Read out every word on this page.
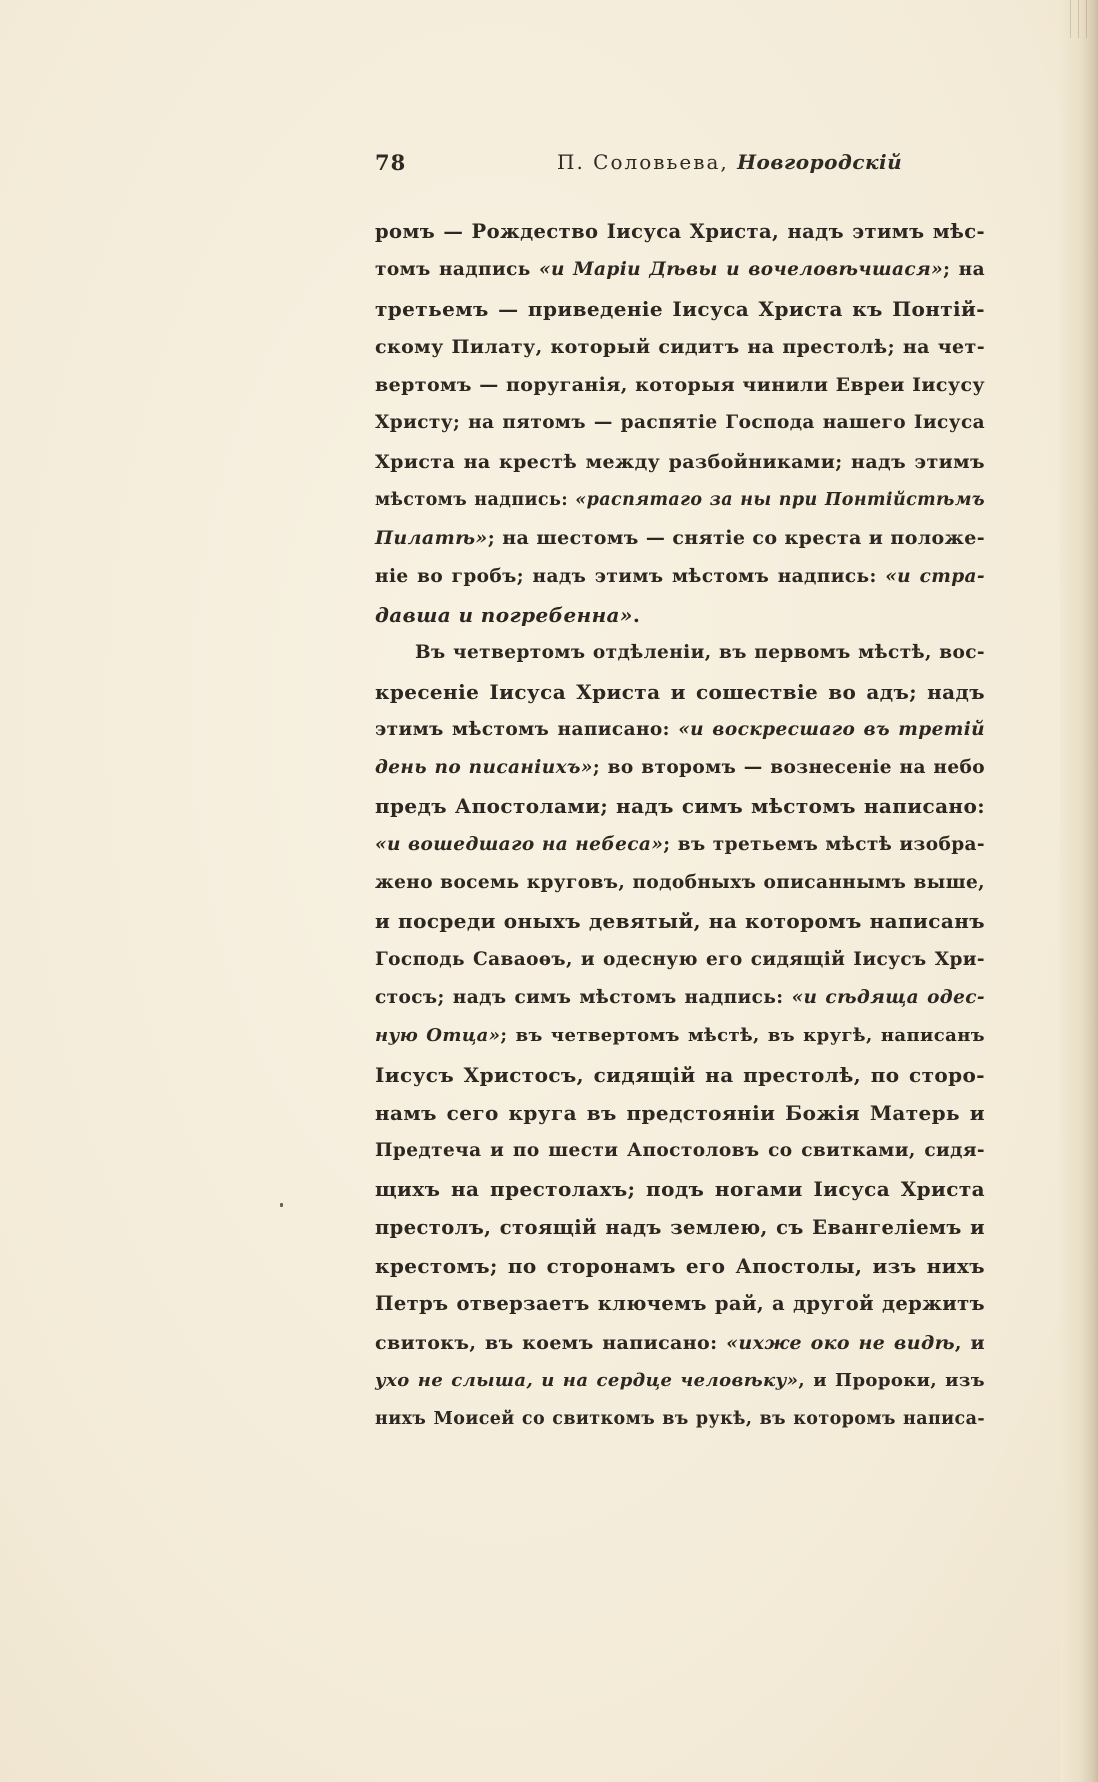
78	П. Соловьева, Новгородскій
ромъ — Рождество Іисуса Христа, надъ этимъ мѣс-
томъ надпись «и Маріи Дѣвы и вочеловѣчшася»; на
третьемъ — приведеніе Іисуса Христа къ Понтій-
скому Пилату, который сидитъ на престолѣ; на чет-
вертомъ — поруганія, которыя чинили Евреи Іисусу
Христу; на пятомъ — распятіе Господа нашего Іисуса
Христа на крестѣ между разбойниками; надъ этимъ
мѣстомъ надпись: «распятаго за ны при Понтійстѣмъ
Пилатѣ»; на шестомъ — снятіе со креста и положе-
ніе во гробъ; надъ этимъ мѣстомъ надпись: «и стра-
давша и погребенна».
Въ четвертомъ отдѣленіи, въ первомъ мѣстѣ, вос-
кресеніе Іисуса Христа и сошествіе во адъ; надъ
этимъ мѣстомъ написано: «и воскресшаго въ третій
день по писаніихъ»; во второмъ — вознесеніе на небо
предъ Апостолами; надъ симъ мѣстомъ написано:
«и вошедшаго на небеса»; въ третьемъ мѣстѣ изобра-
жено восемь круговъ, подобныхъ описаннымъ выше,
и посреди оныхъ девятый, на которомъ написанъ
Господь Саваоѳъ, и одесную его сидящій Іисусъ Хри-
стосъ; надъ симъ мѣстомъ надпись: «и сѣдяща одес-
ную Отца»; въ четвертомъ мѣстѣ, въ кругѣ, написанъ
Іисусъ Христосъ, сидящій на престолѣ, по сторо-
намъ сего круга въ предстояніи Божія Матерь и
Предтеча и по шести Апостоловъ со свитками, сидя-
щихъ на престолахъ; подъ ногами Іисуса Христа
престолъ, стоящій надъ землею, съ Евангеліемъ и
крестомъ; по сторонамъ его Апостолы, изъ нихъ
Петръ отверзаетъ ключемъ рай, а другой держитъ
свитокъ, въ коемъ написано: «ихже око не видѣ, и
ухо не слыша, и на сердце человѣку», и Пророки, изъ
нихъ Моисей со свиткомъ въ рукѣ, въ которомъ написа-
